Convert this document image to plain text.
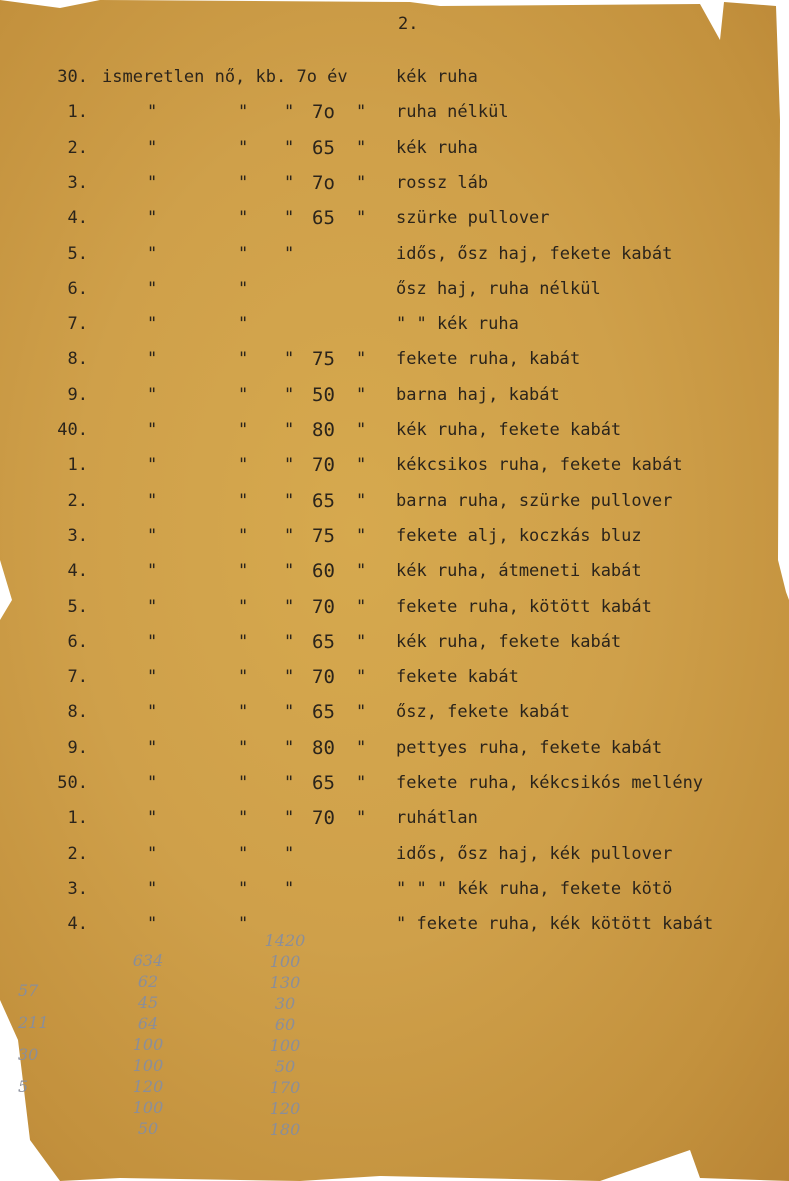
2.
30. ismeretlen nő, kb. 7o év	kék ruha
1.	"	" " 7o " ruha nélkül
2.	"	" " 65 " kék ruha
3.	"	" " 7o " rossz láb
4.	"	" " 65 " szürke pullover
5.	"	" "	idős, ősz haj, fekete kabát
6.	"	"	ősz haj, ruha nélkül
7.	"	"	" " kék ruha
8.	"	" " 75 " fekete ruha, kabát
9.	"	" " 50 " barna haj, kabát
40.	"	" " 80 " kék ruha, fekete kabát
1.	"	" " 70 " kékcsikos ruha, fekete kabát
2.	"	" " 65 " barna ruha, szürke pullover
3.	"	" " 75 " fekete alj, koczkás bluz
4.	"	" " 60 " kék ruha, átmeneti kabát
5.	"	" " 70 " fekete ruha, kötött kabát
6.	"	" " 65 " kék ruha, fekete kabát
7.	"	" " 70 " fekete kabát
8.	"	" " 65 " ősz, fekete kabát
9.	"	" " 80 " pettyes ruha, fekete kabát
50.	"	" " 65 " fekete ruha, kékcsikós mellény
1.	"	" " 70 " ruhátlan
2.	"	" "	idős, ősz haj, kék pullover
3.	"	" "	" " " kék ruha, fekete kötö
4.	"	"	" fekete ruha, kék kötött kabát
634
62
45
64
100
100
120
100
50
1420
100
130
30
60
100
50
170
120
180
57
211
30
5
